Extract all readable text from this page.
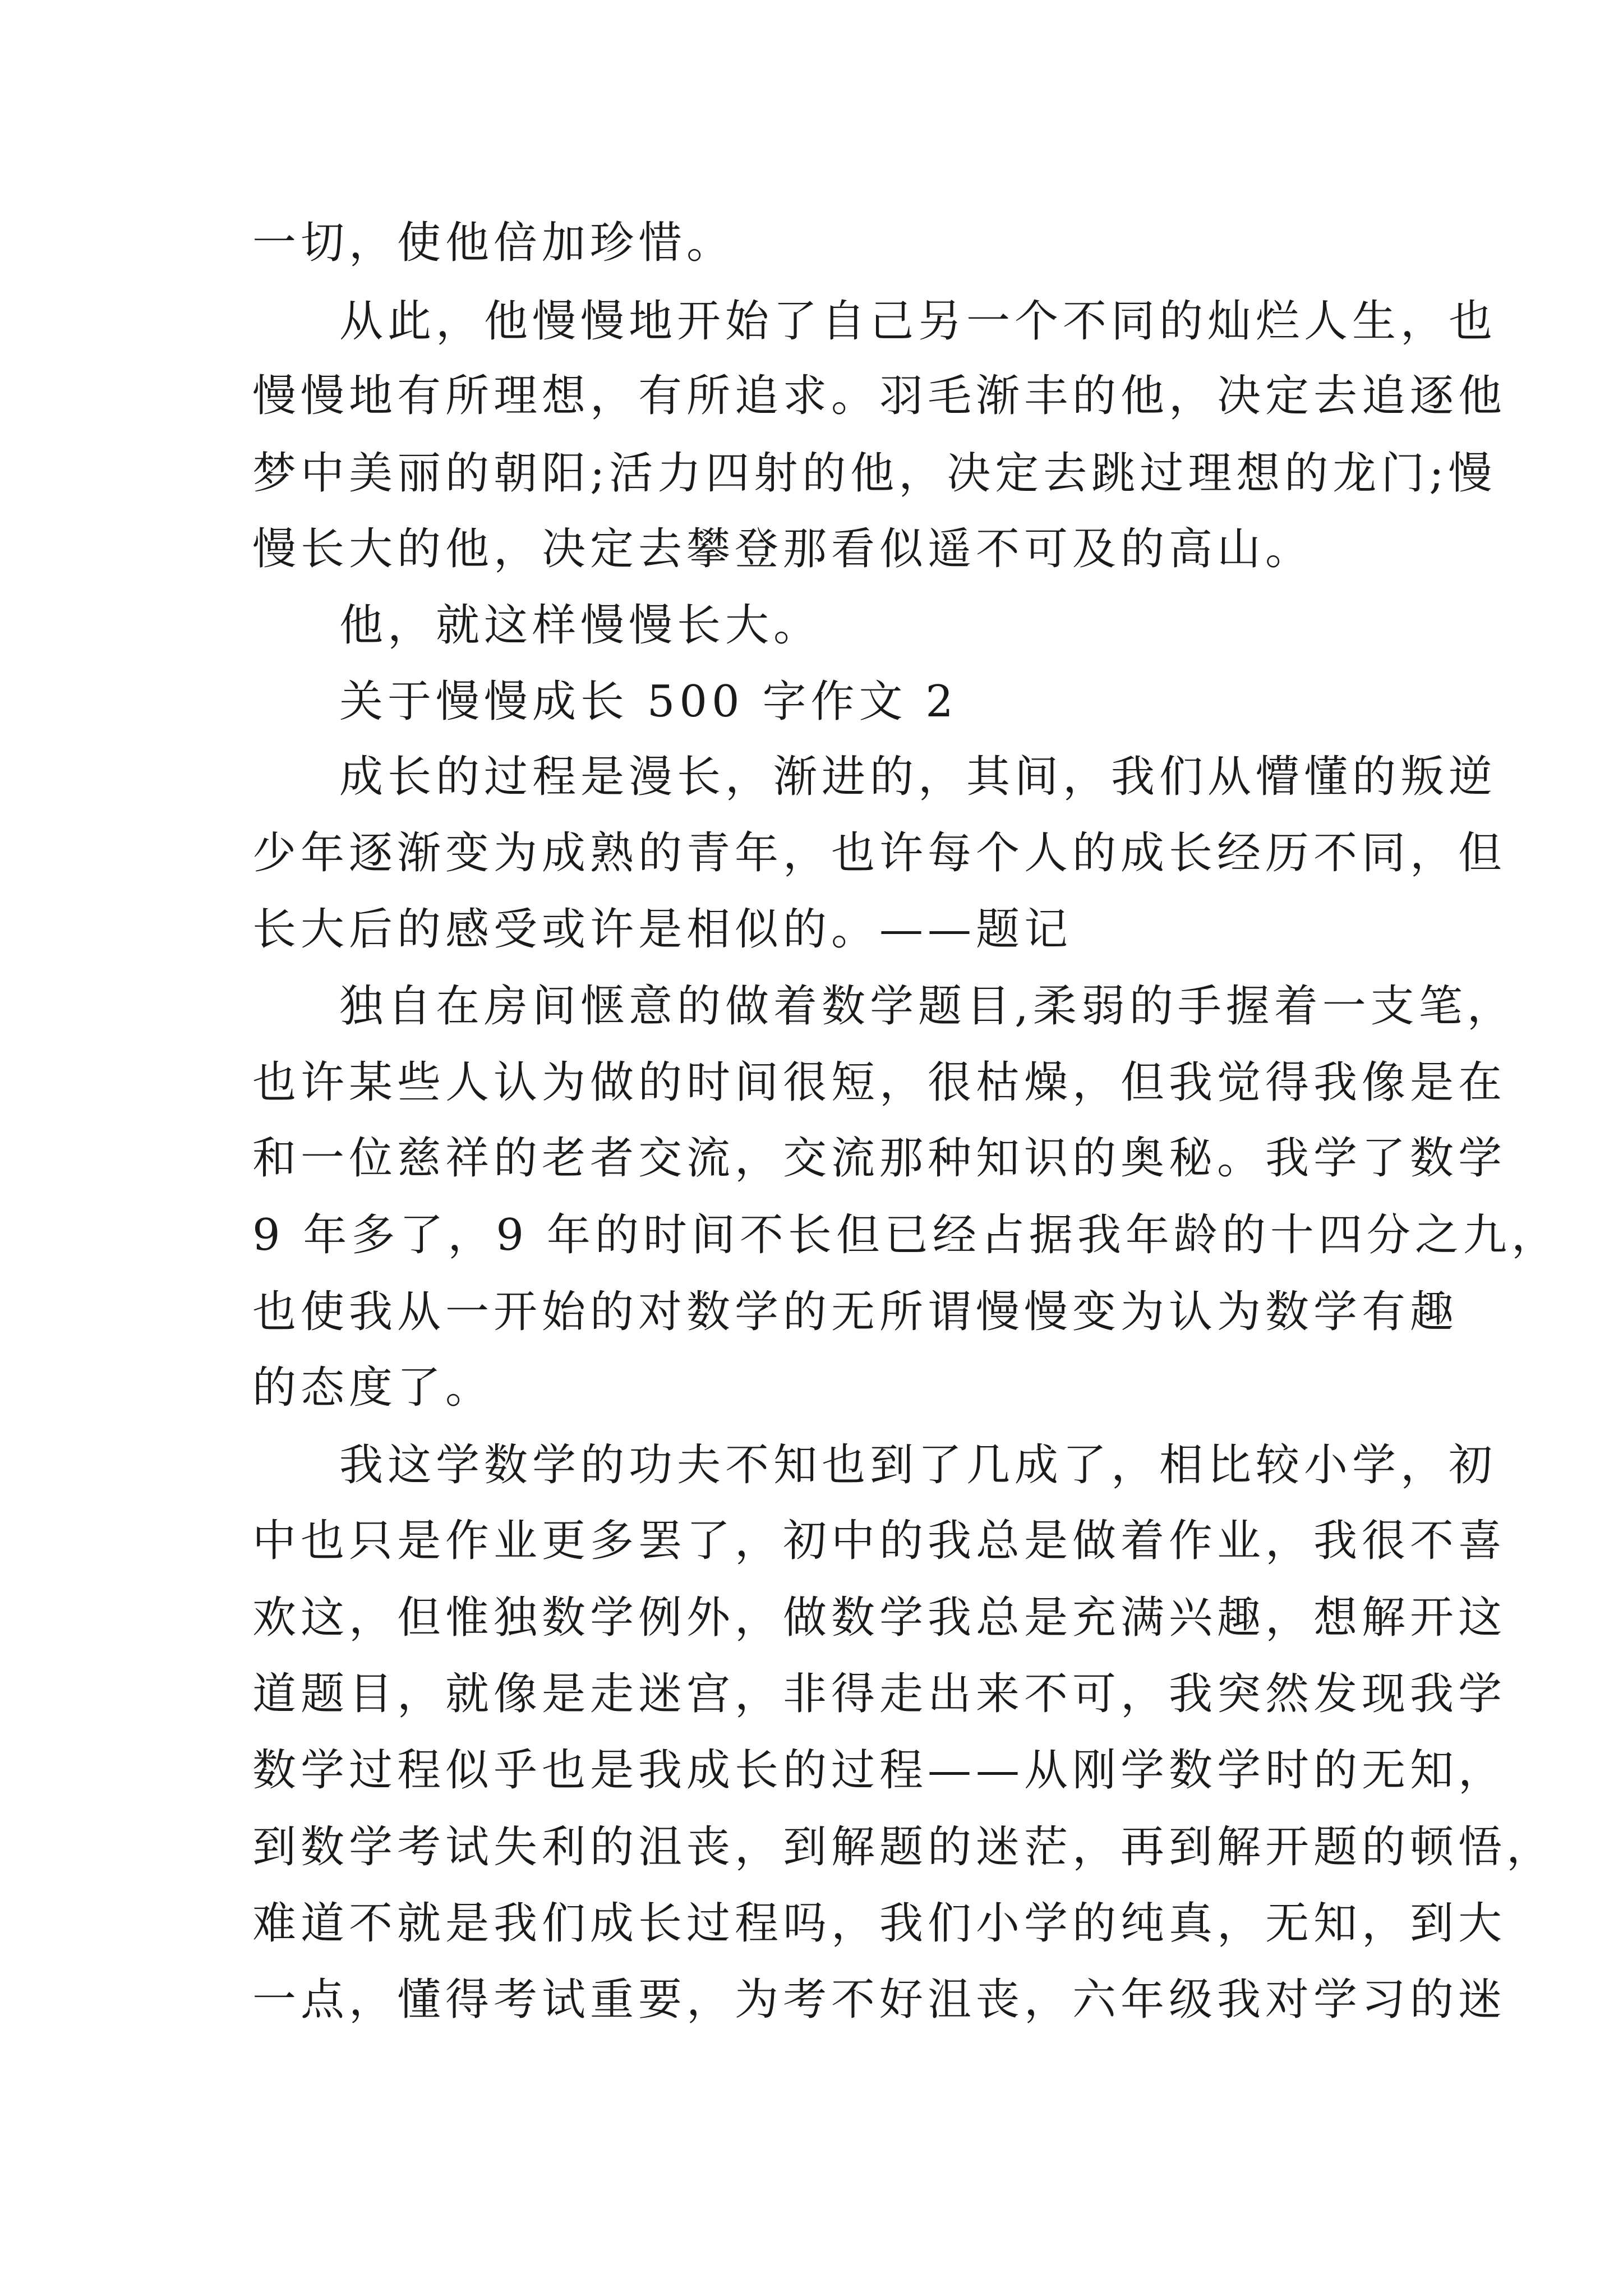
一切，使他倍加珍惜。
从此，他慢慢地开始了自己另一个不同的灿烂人生，也
慢慢地有所理想，有所追求。羽毛渐丰的他，决定去追逐他
梦中美丽的朝阳;活力四射的他，决定去跳过理想的龙门;慢
慢长大的他，决定去攀登那看似遥不可及的高山。
他，就这样慢慢长大。
关于慢慢成长 500 字作文 2
成长的过程是漫长，渐进的，其间，我们从懵懂的叛逆
少年逐渐变为成熟的青年，也许每个人的成长经历不同，但
长大后的感受或许是相似的。——题记
独自在房间惬意的做着数学题目,柔弱的手握着一支笔，
也许某些人认为做的时间很短，很枯燥，但我觉得我像是在
和一位慈祥的老者交流，交流那种知识的奥秘。我学了数学
9 年多了，9 年的时间不长但已经占据我年龄的十四分之九，
也使我从一开始的对数学的无所谓慢慢变为认为数学有趣
的态度了。
我这学数学的功夫不知也到了几成了，相比较小学，初
中也只是作业更多罢了，初中的我总是做着作业，我很不喜
欢这，但惟独数学例外，做数学我总是充满兴趣，想解开这
道题目，就像是走迷宫，非得走出来不可，我突然发现我学
数学过程似乎也是我成长的过程——从刚学数学时的无知，
到数学考试失利的沮丧，到解题的迷茫，再到解开题的顿悟，
难道不就是我们成长过程吗，我们小学的纯真，无知，到大
一点，懂得考试重要，为考不好沮丧，六年级我对学习的迷
